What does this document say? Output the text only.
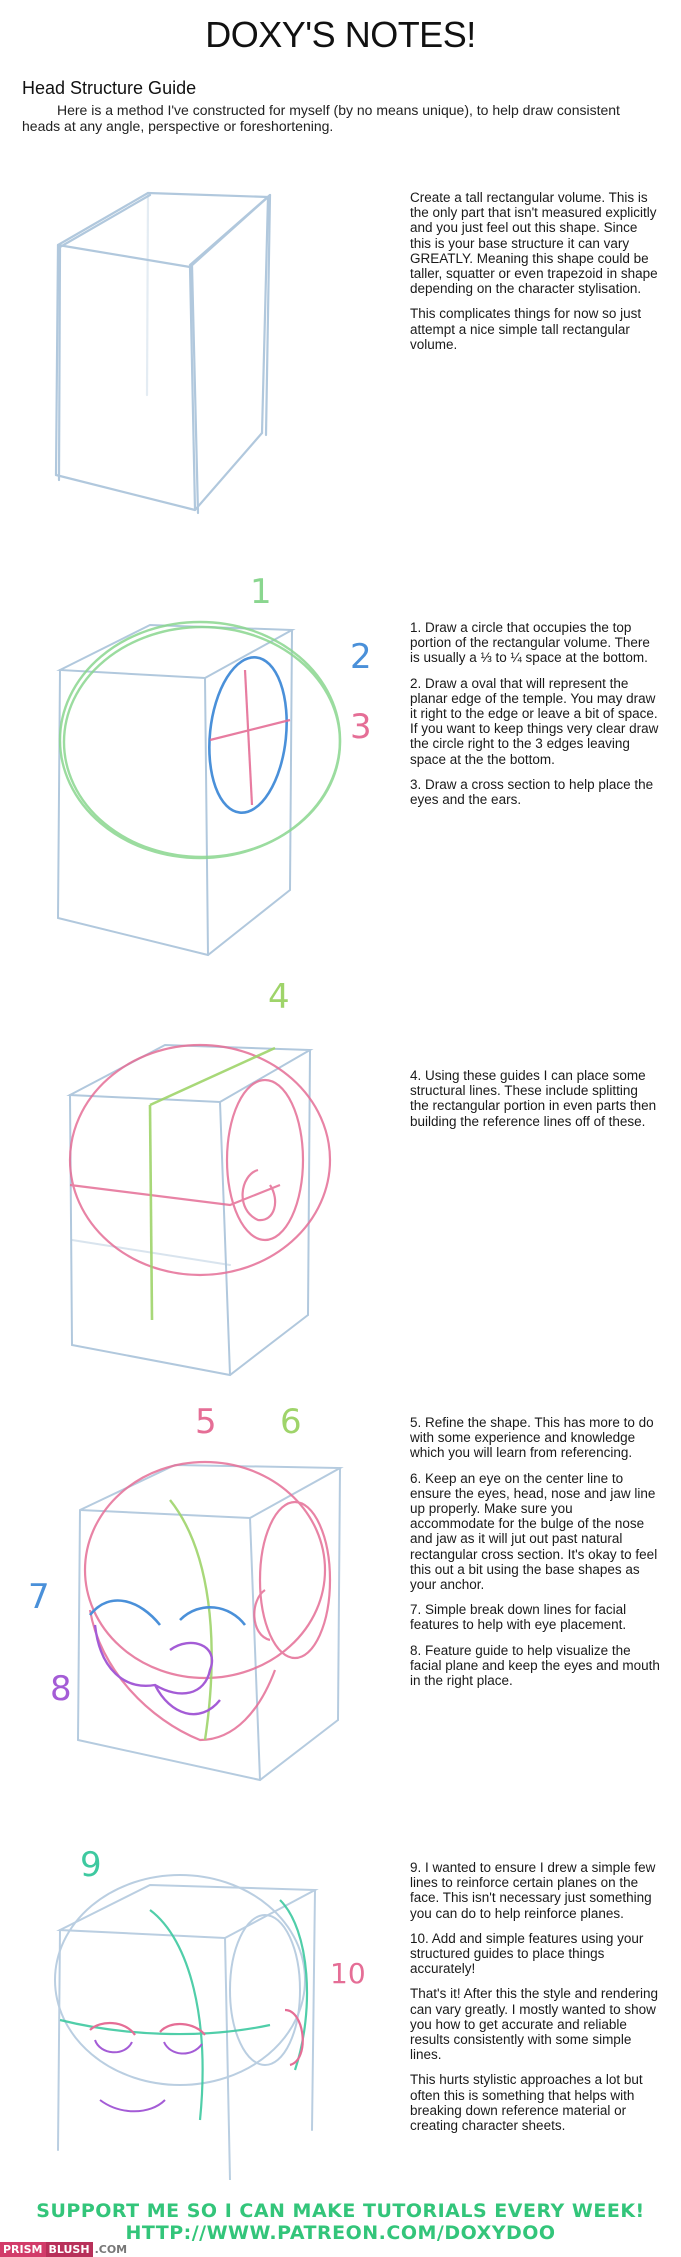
DOXY'S NOTES!
Head Structure Guide
Here is a method I've constructed for myself (by no means unique), to help draw consistent heads at any angle, perspective or foreshortening.

Create a tall rectangular volume. This is the only part that isn't measured explicitly and you just feel out this shape. Since this is your base structure it can vary GREATLY. Meaning this shape could be taller, squatter or even trapezoid in shape depending on the character stylisation.

This complicates things for now so just attempt a nice simple tall rectangular volume.

1
2
3

1. Draw a circle that occupies the top portion of the rectangular volume. There is usually a ⅓ to ¼ space at the bottom.

2. Draw a oval that will represent the planar edge of the temple. You may draw it right to the edge or leave a bit of space. If you want to keep things very clear draw the circle right to the 3 edges leaving space at the the bottom.

3. Draw a cross section to help place the eyes and the ears.

4

4. Using these guides I can place some structural lines. These include splitting the rectangular portion in even parts then building the reference lines off of these.

5 6
7
8

5. Refine the shape. This has more to do with some experience and knowledge which you will learn from referencing.

6. Keep an eye on the center line to ensure the eyes, head, nose and jaw line up properly. Make sure you accommodate for the bulge of the nose and jaw as it will jut out past natural rectangular cross section. It's okay to feel this out a bit using the base shapes as your anchor.

7. Simple break down lines for facial features to help with eye placement.

8. Feature guide to help visualize the facial plane and keep the eyes and mouth in the right place.

9
10

9. I wanted to ensure I drew a simple few lines to reinforce certain planes on the face. This isn't necessary just something you can do to help reinforce planes.

10. Add and simple features using your structured guides to place things accurately!

That's it! After this the style and rendering can vary greatly. I mostly wanted to show you how to get accurate and reliable results consistently with some simple lines.

This hurts stylistic approaches a lot but often this is something that helps with breaking down reference material or creating character sheets.

SUPPORT ME SO I CAN MAKE TUTORIALS EVERY WEEK!
HTTP://WWW.PATREON.COM/DOXYDOO
PRISM BLUSH .COM
